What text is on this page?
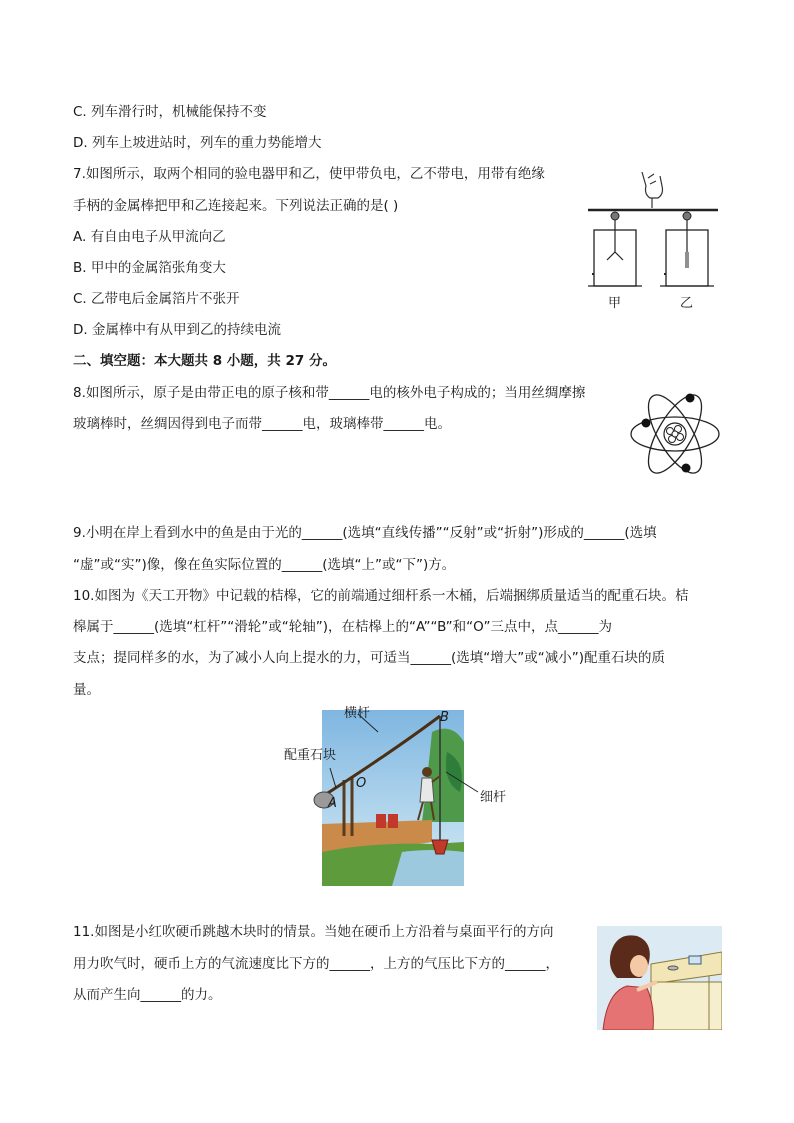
C. 列车滑行时，机械能保持不变
D. 列车上坡进站时，列车的重力势能增大
7.如图所示，取两个相同的验电器甲和乙，使甲带负电，乙不带电，用带有绝缘
手柄的金属棒把甲和乙连接起来。下列说法正确的是( )
A. 有自由电子从甲流向乙
B. 甲中的金属箔张角变大
C. 乙带电后金属箔片不张开
D. 金属棒中有从甲到乙的持续电流
甲	乙
二、填空题：本大题共 8 小题，共 27 分。
8.如图所示，原子是由带正电的原子核和带______电的核外电子构成的；当用丝绸摩擦
玻璃棒时，丝绸因得到电子而带______电，玻璃棒带______电。
9.小明在岸上看到水中的鱼是由于光的______(选填“直线传播”“反射”或“折射”)形成的______(选填
“虚”或“实”)像，像在鱼实际位置的______(选填“上”或“下”)方。
10.如图为《天工开物》中记载的桔槔，它的前端通过细杆系一木桶，后端捆绑质量适当的配重石块。桔
槔属于______(选填“杠杆”“滑轮”或“轮轴”)，在桔槔上的“A”“B”和“O”三点中，点______为
支点；提同样多的水，为了减小人向上提水的力，可适当______(选填“增大”或“减小”)配重石块的质
量。
横杆
配重石块
细杆
B
O
A
11.如图是小红吹硬币跳越木块时的情景。当她在硬币上方沿着与桌面平行的方向
用力吹气时，硬币上方的气流速度比下方的______，上方的气压比下方的______，
从而产生向______的力。
